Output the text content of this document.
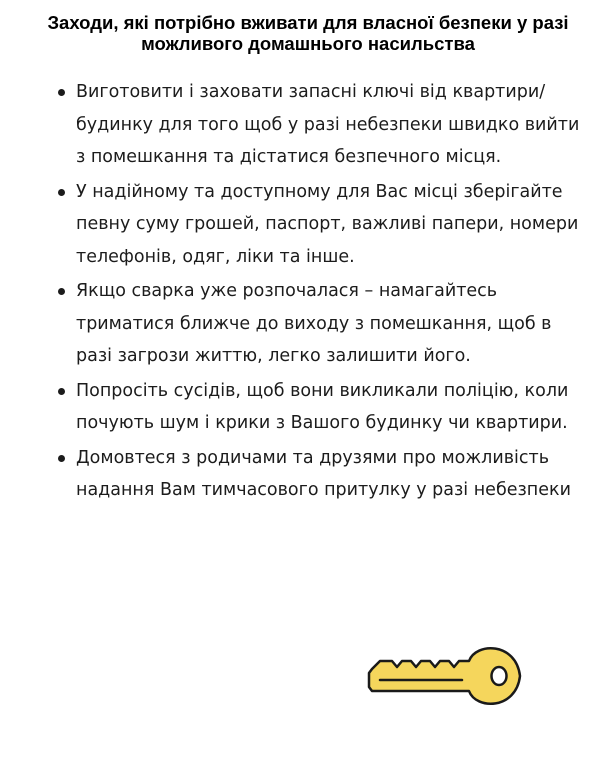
Заходи, які потрібно вживати для власної безпеки у разі можливого домашнього насильства
Виготовити і заховати запасні ключі від квартири/будинку для того щоб у разі небезпеки швидко вийти з помешкання та дістатися безпечного місця.
У надійному та доступному для Вас місці зберігайте певну суму грошей, паспорт, важливі папери, номери телефонів, одяг, ліки та інше.
Якщо сварка уже розпочалася – намагайтесь триматися ближче до виходу з помешкання, щоб в разі загрози життю, легко залишити його.
Попросіть сусідів, щоб вони викликали поліцію, коли почують шум і крики з Вашого будинку чи квартири.
Домовтеся з родичами та друзями про можливість надання Вам тимчасового притулку у разі небезпеки
